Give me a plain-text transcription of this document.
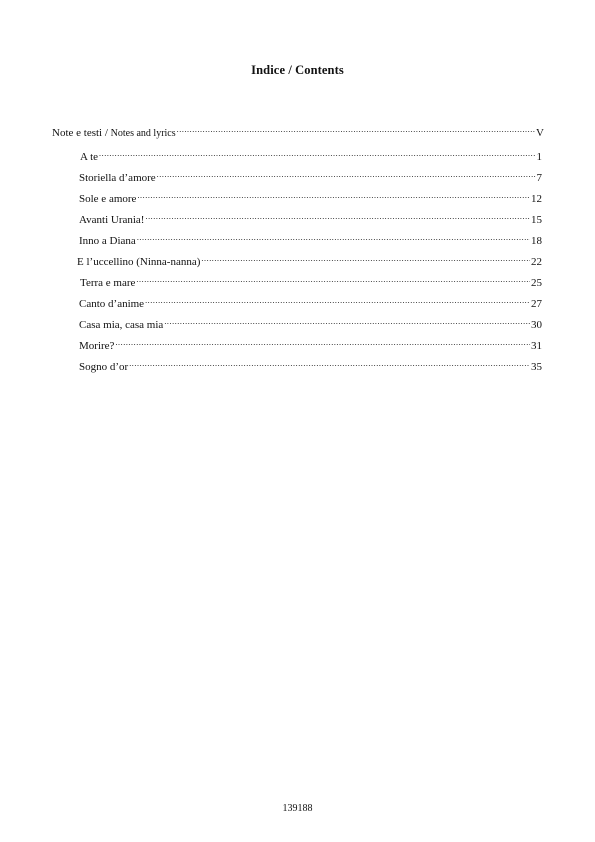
Indice / Contents
Note e testi / Notes and lyrics .....	V
A te .....	1
Storiella d’amore .....	7
Sole e amore .....	12
Avanti Urania! .....	15
Inno a Diana .....	18
E l’uccellino (Ninna-nanna) .....	22
Terra e mare .....	25
Canto d’anime .....	27
Casa mia, casa mia .....	30
Morire? .....	31
Sogno d’or .....	35
139188
